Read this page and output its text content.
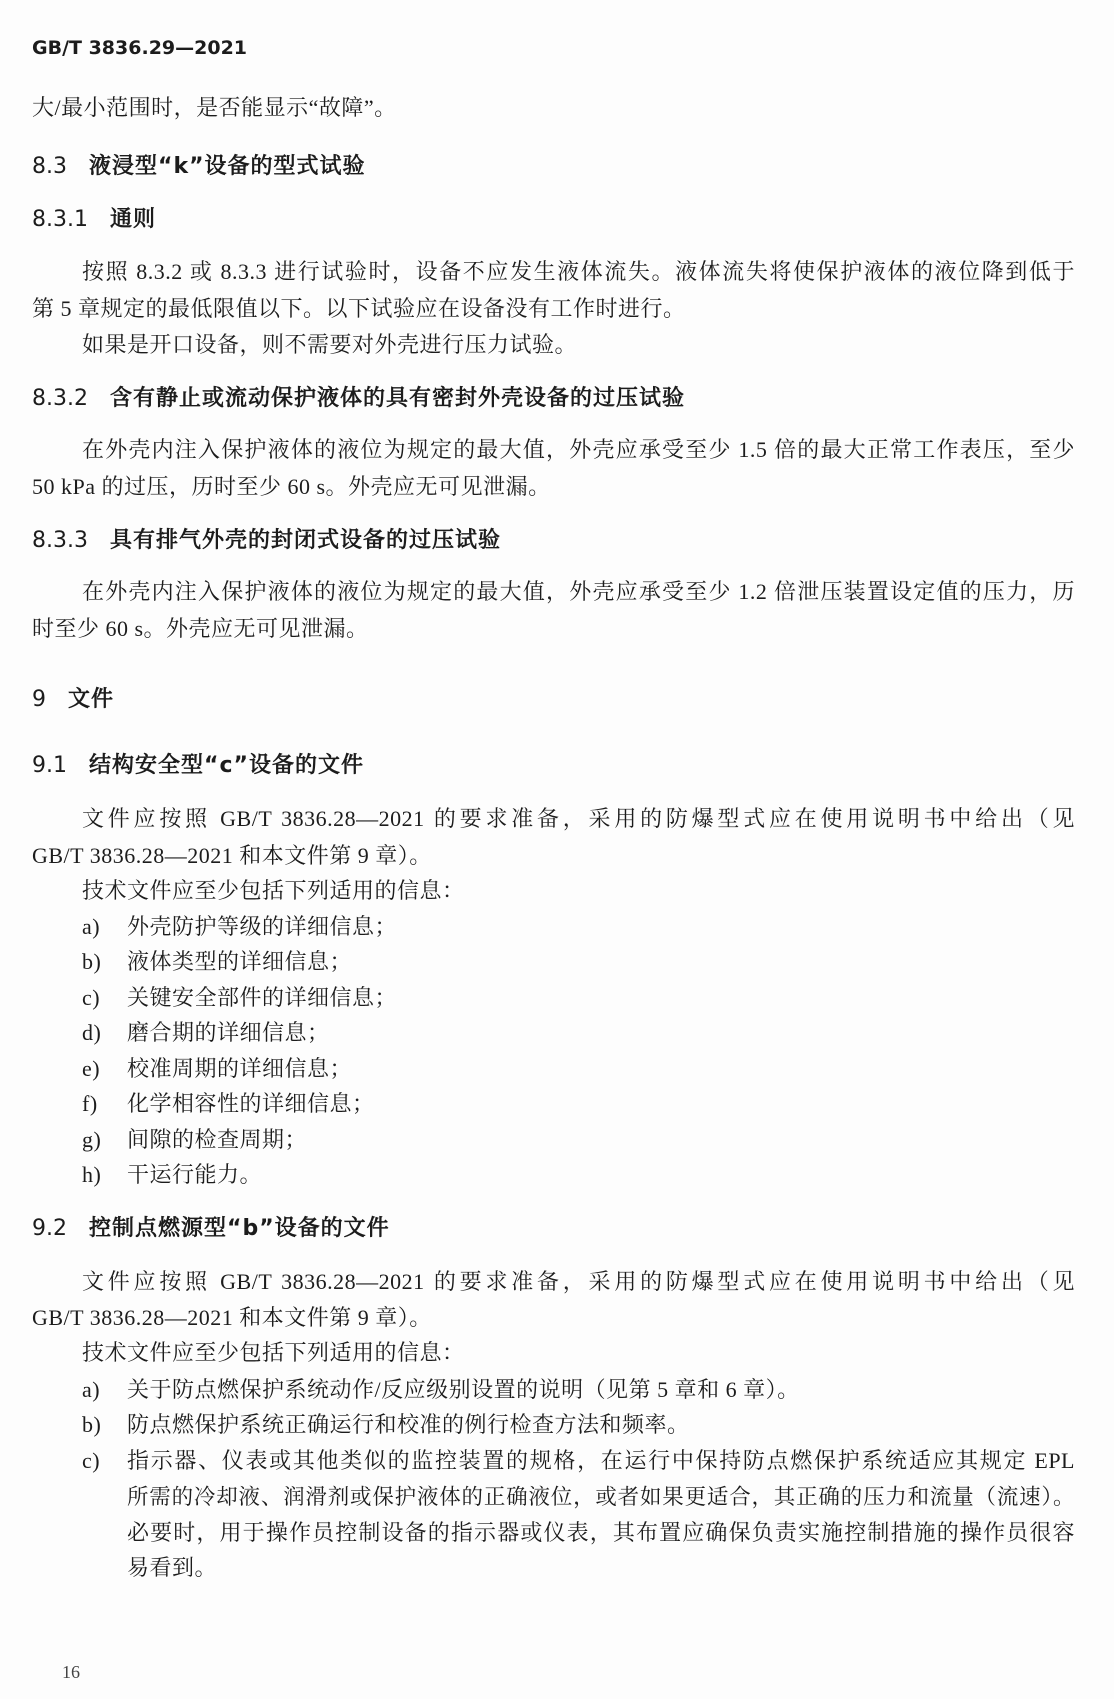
GB/T 3836.29—2021
大/最小范围时，是否能显示“故障”。
8.3 液浸型“k”设备的型式试验
8.3.1 通则
按照 8.3.2 或 8.3.3 进行试验时，设备不应发生液体流失。液体流失将使保护液体的液位降到低于
第 5 章规定的最低限值以下。以下试验应在设备没有工作时进行。
如果是开口设备，则不需要对外壳进行压力试验。
8.3.2 含有静止或流动保护液体的具有密封外壳设备的过压试验
在外壳内注入保护液体的液位为规定的最大值，外壳应承受至少 1.5 倍的最大正常工作表压，至少
50 kPa 的过压，历时至少 60 s。外壳应无可见泄漏。
8.3.3 具有排气外壳的封闭式设备的过压试验
在外壳内注入保护液体的液位为规定的最大值，外壳应承受至少 1.2 倍泄压装置设定值的压力，历
时至少 60 s。外壳应无可见泄漏。
9 文件
9.1 结构安全型“c”设备的文件
文件应按照 GB/T 3836.28—2021 的要求准备，采用的防爆型式应在使用说明书中给出（见
GB/T 3836.28—2021 和本文件第 9 章）。
技术文件应至少包括下列适用的信息：
a) 外壳防护等级的详细信息；
b) 液体类型的详细信息；
c) 关键安全部件的详细信息；
d) 磨合期的详细信息；
e) 校准周期的详细信息；
f) 化学相容性的详细信息；
g) 间隙的检查周期；
h) 干运行能力。
9.2 控制点燃源型“b”设备的文件
文件应按照 GB/T 3836.28—2021 的要求准备，采用的防爆型式应在使用说明书中给出（见
GB/T 3836.28—2021 和本文件第 9 章）。
技术文件应至少包括下列适用的信息：
a) 关于防点燃保护系统动作/反应级别设置的说明（见第 5 章和 6 章）。
b) 防点燃保护系统正确运行和校准的例行检查方法和频率。
c) 指示器、仪表或其他类似的监控装置的规格，在运行中保持防点燃保护系统适应其规定 EPL
所需的冷却液、润滑剂或保护液体的正确液位，或者如果更适合，其正确的压力和流量（流速）。
必要时，用于操作员控制设备的指示器或仪表，其布置应确保负责实施控制措施的操作员很容
易看到。
16
